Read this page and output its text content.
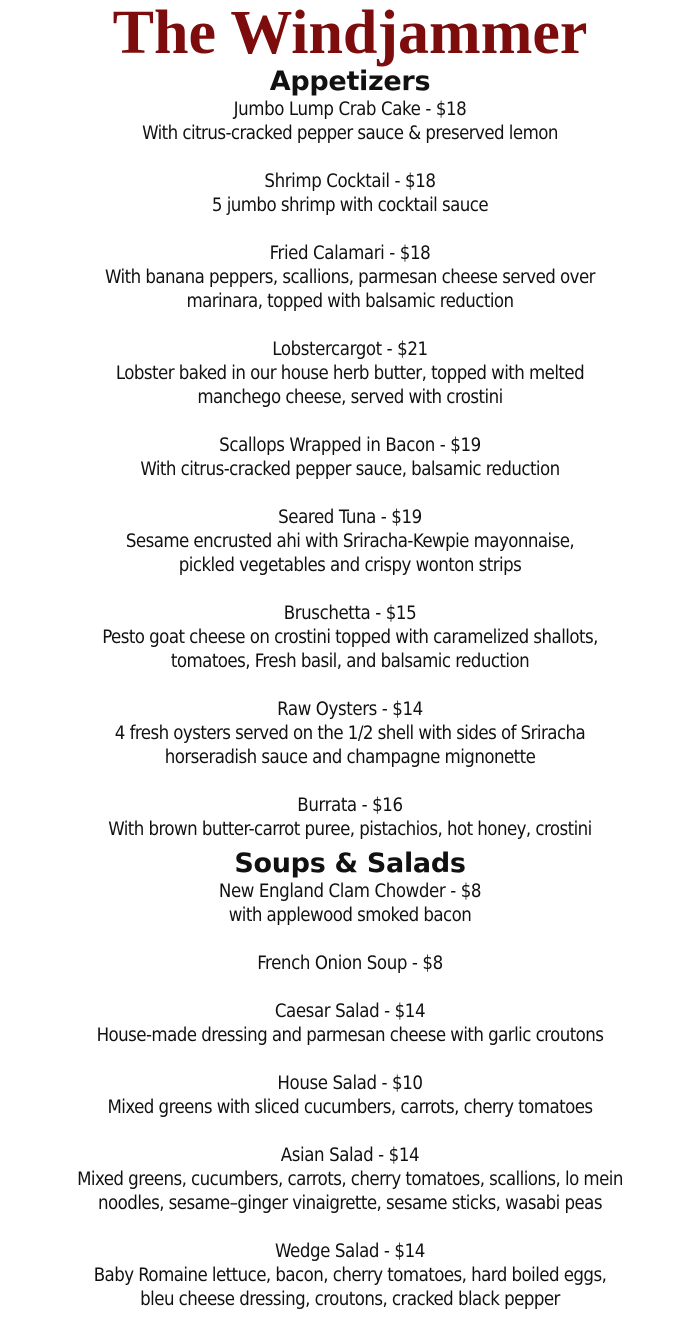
The Windjammer
Appetizers
Jumbo Lump Crab Cake - $18
With citrus-cracked pepper sauce & preserved lemon
Shrimp Cocktail - $18
5 jumbo shrimp with cocktail sauce
Fried Calamari - $18
With banana peppers, scallions, parmesan cheese served over
marinara, topped with balsamic reduction
Lobstercargot - $21
Lobster baked in our house herb butter, topped with melted
manchego cheese, served with crostini
Scallops Wrapped in Bacon - $19
With citrus-cracked pepper sauce, balsamic reduction
Seared Tuna - $19
Sesame encrusted ahi with Sriracha-Kewpie mayonnaise,
pickled vegetables and crispy wonton strips
Bruschetta - $15
Pesto goat cheese on crostini topped with caramelized shallots,
tomatoes, Fresh basil, and balsamic reduction
Raw Oysters - $14
4 fresh oysters served on the 1/2 shell with sides of Sriracha
horseradish sauce and champagne mignonette
Burrata - $16
With brown butter-carrot puree, pistachios, hot honey, crostini
Soups & Salads
New England Clam Chowder - $8
with applewood smoked bacon
French Onion Soup - $8
Caesar Salad - $14
House-made dressing and parmesan cheese with garlic croutons
House Salad - $10
Mixed greens with sliced cucumbers, carrots, cherry tomatoes
Asian Salad - $14
Mixed greens, cucumbers, carrots, cherry tomatoes, scallions, lo mein
noodles, sesame–ginger vinaigrette, sesame sticks, wasabi peas
Wedge Salad - $14
Baby Romaine lettuce, bacon, cherry tomatoes, hard boiled eggs,
bleu cheese dressing, croutons, cracked black pepper
